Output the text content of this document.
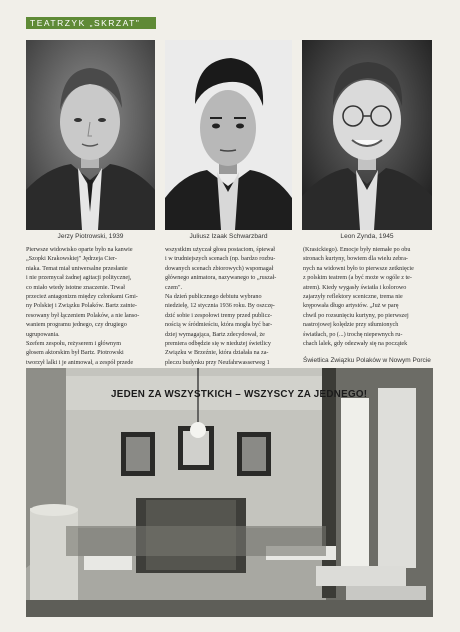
TEATRZYK „SKRZAT"
Jerzy Piotrowski, 1939	Juliusz Izaak Schwarzbard	Leon Zynda, 1945
Pierwsze widowisko oparte było na kanwie
„Szopki Krakowskiej" Jędrzeja Cier-
niaka. Temat miał uniwersalne przesłanie
i nie przemycał żadnej agitacji politycznej,
co miało wtedy istotne znaczenie. Trwał
przecież antagonizm między członkami Gmi-
ny Polskiej i Związku Polaków. Bartz zainte-
resowany był łączeniem Polaków, a nie lanso-
waniem programu jednego, czy drugiego
ugrupowania.
Szefem zespołu, reżyserem i głównym
głosem aktorskim był Bartz. Piotrowski
tworzył lalki i je animował, a zespół przede
wszystkim użyczał głosu postaciom, śpiewał
i w trudniejszych scenach (np. bardzo rozbu-
dowanych scenach zbiorowych) wspomagał
głównego animatora, nazywanego to „ruszał-
czem".
Na dzień publicznego debiutu wybrano
niedzielę, 12 stycznia 1936 roku. By oszczę-
dzić sobie i zespołowi tremy przed publicz-
nością w śródmieściu, która mogła być bar-
dziej wymagająca, Bartz zdecydował, że
premiera odbędzie się w niedużej świetlicy
Związku w Brzeźnie, która działała na za-
pleczu budynku przy Neufahrwasserweg 1
(Krasickiego). Emocje były niemałe po obu
stronach kurtyny, bowiem dla wielu zebra-
nych na widowni było to pierwsze zetknięcie
z polskim teatrem (a być może w ogóle z te-
atrem). Kiedy wygasły światła i kolorowo
zajarzyły reflektory sceniczne, trema nie
krępowała długo artystów. „Już w parę
chwil po rozsunięciu kurtyny, po pierwszej
nastrojowej kolędzie przy stłumionych
światłach, po (...) trochę niepewnych ru-
chach lalek, gdy odezwały się na początek
Świetlica Związku Polaków w Nowym Porcie
JEDEN ZA WSZYSTKICH – WSZYSCY ZA JEDNEGO!
